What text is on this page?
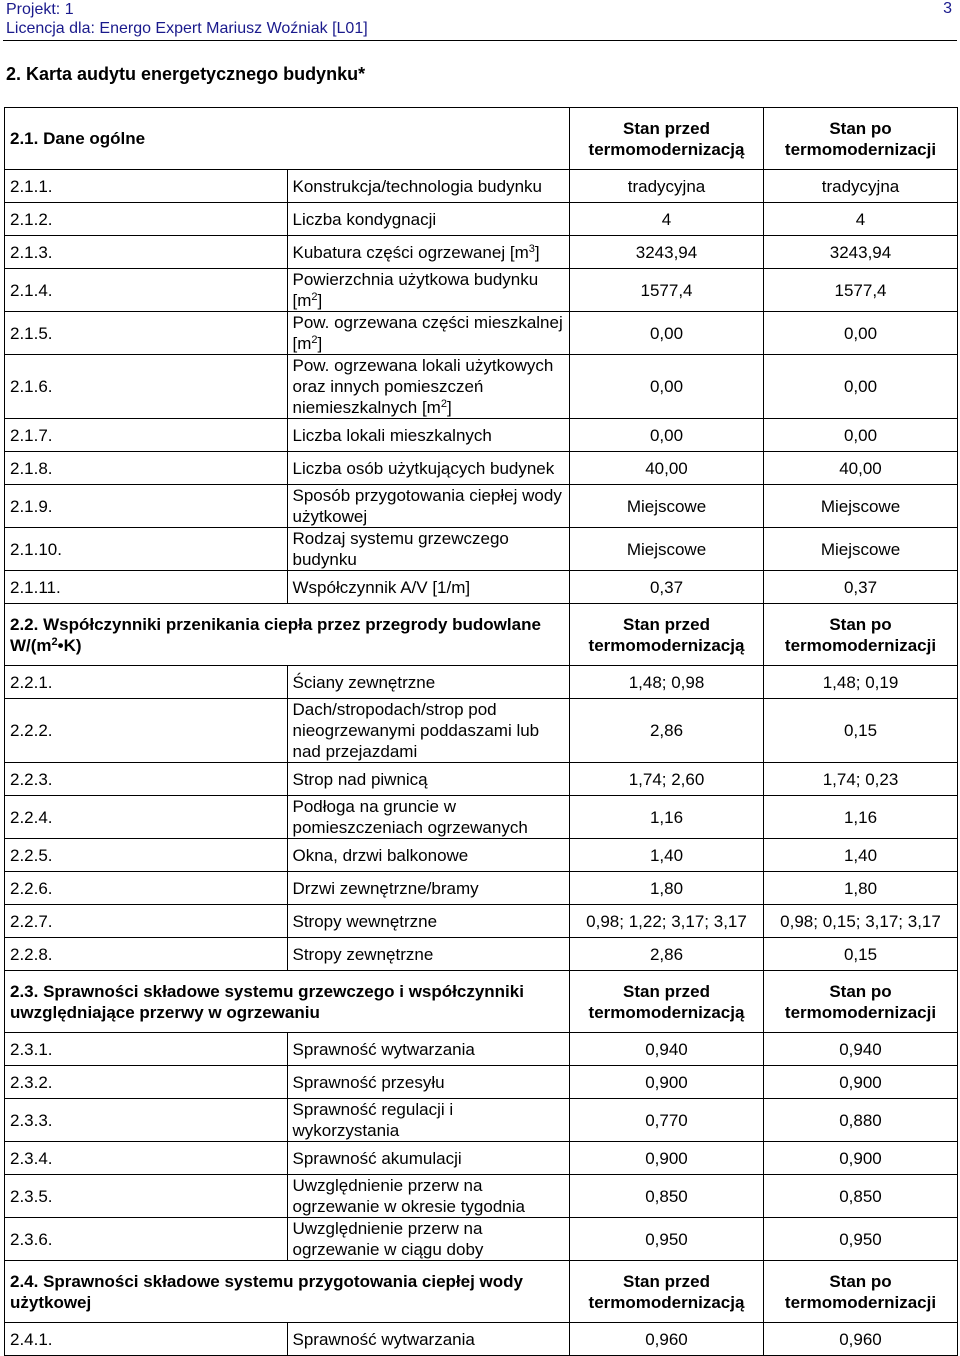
Projekt: 1
Licencja dla: Energo Expert Mariusz Woźniak [L01]
3
2. Karta audytu energetycznego budynku*
2.1. Dane ogólne		Stan przed termomodernizacją	Stan po termomodernizacji
2.1.1.	Konstrukcja/technologia budynku	tradycyjna	tradycyjna
2.1.2.	Liczba kondygnacji	4	4
2.1.3.	Kubatura części ogrzewanej $[m^3]$	3243,94	3243,94
2.1.4.	Powierzchnia użytkowa budynku $[m^2]$	1577,4	1577,4
2.1.5.	Pow. ogrzewana części mieszkalnej $[m^2]$	0,00	0,00
2.1.6.	Pow. ogrzewana lokali użytkowych oraz innych pomieszczeń niemieszkalnych $[m^2]$	0,00	0,00
2.1.7.	Liczba lokali mieszkalnych	0,00	0,00
2.1.8.	Liczba osób użytkujących budynek	40,00	40,00
2.1.9.	Sposób przygotowania ciepłej wody użytkowej	Miejscowe	Miejscowe
2.1.10.	Rodzaj systemu grzewczego budynku	Miejscowe	Miejscowe
2.1.11.	Współczynnik A/V [1/m]	0,37	0,37
2.2. Współczynniki przenikania ciepła przez przegrody budowlane $W/(m^2•K)$		Stan przed termomodernizacją	Stan po termomodernizacji
2.2.1.	Ściany zewnętrzne	1,48; 0,98	1,48; 0,19
2.2.2.	Dach/stropodach/strop pod nieogrzewanymi poddaszami lub nad przejazdami	2,86	0,15
2.2.3.	Strop nad piwnicą	1,74; 2,60	1,74; 0,23
2.2.4.	Podłoga na gruncie w pomieszczeniach ogrzewanych	1,16	1,16
2.2.5.	Okna, drzwi balkonowe	1,40	1,40
2.2.6.	Drzwi zewnętrzne/bramy	1,80	1,80
2.2.7.	Stropy wewnętrzne	0,98; 1,22; 3,17; 3,17	0,98; 0,15; 3,17; 3,17
2.2.8.	Stropy zewnętrzne	2,86	0,15
2.3. Sprawności składowe systemu grzewczego i współczynniki uwzględniające przerwy w ogrzewaniu		Stan przed termomodernizacją	Stan po termomodernizacji
2.3.1.	Sprawność wytwarzania	0,940	0,940
2.3.2.	Sprawność przesyłu	0,900	0,900
2.3.3.	Sprawność regulacji i wykorzystania	0,770	0,880
2.3.4.	Sprawność akumulacji	0,900	0,900
2.3.5.	Uwzględnienie przerw na ogrzewanie w okresie tygodnia	0,850	0,850
2.3.6.	Uwzględnienie przerw na ogrzewanie w ciągu doby	0,950	0,950
2.4. Sprawności składowe systemu przygotowania ciepłej wody użytkowej		Stan przed termomodernizacją	Stan po termomodernizacji
2.4.1.	Sprawność wytwarzania	0,960	0,960
